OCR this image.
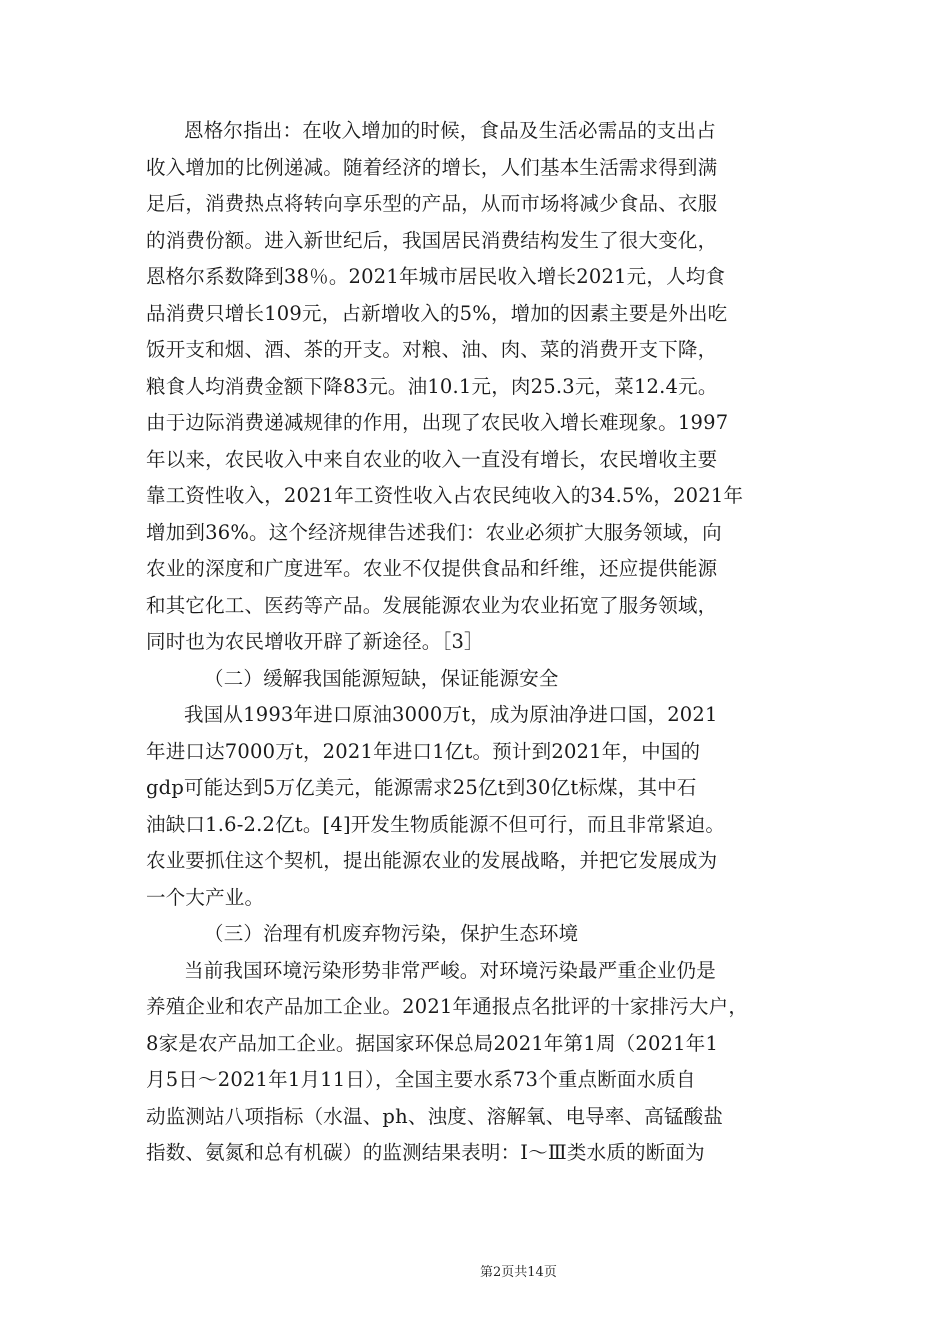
恩格尔指出：在收入增加的时候，食品及生活必需品的支出占
收入增加的比例递减。随着经济的增长，人们基本生活需求得到满
足后，消费热点将转向享乐型的产品，从而市场将减少食品、衣服
的消费份额。进入新世纪后，我国居民消费结构发生了很大变化，
恩格尔系数降到38％。2021年城市居民收入增长2021元，人均食
品消费只增长109元，占新增收入的5%，增加的因素主要是外出吃
饭开支和烟、酒、茶的开支。对粮、油、肉、菜的消费开支下降，
粮食人均消费金额下降83元。油10.1元，肉25.3元，菜12.4元。
由于边际消费递减规律的作用，出现了农民收入增长难现象。1997
年以来，农民收入中来自农业的收入一直没有增长，农民增收主要
靠工资性收入，2021年工资性收入占农民纯收入的34.5%，2021年
增加到36%。这个经济规律告述我们：农业必须扩大服务领域，向
农业的深度和广度进军。农业不仅提供食品和纤维，还应提供能源
和其它化工、医药等产品。发展能源农业为农业拓宽了服务领域，
同时也为农民增收开辟了新途径。［3］
（二）缓解我国能源短缺，保证能源安全
我国从1993年进口原油3000万t，成为原油净进口国，2021
年进口达7000万t，2021年进口1亿t。预计到2021年，中国的
gdp可能达到5万亿美元，能源需求25亿t到30亿t标煤，其中石
油缺口1.6-2.2亿t。[4]开发生物质能源不但可行，而且非常紧迫。
农业要抓住这个契机，提出能源农业的发展战略，并把它发展成为
一个大产业。
（三）治理有机废弃物污染，保护生态环境
当前我国环境污染形势非常严峻。对环境污染最严重企业仍是
养殖企业和农产品加工企业。2021年通报点名批评的十家排污大户，
8家是农产品加工企业。据国家环保总局2021年第1周（2021年1
月5日～2021年1月11日），全国主要水系73个重点断面水质自
动监测站八项指标（水温、ph、浊度、溶解氧、电导率、高锰酸盐
指数、氨氮和总有机碳）的监测结果表明：Ⅰ～Ⅲ类水质的断面为
第2页共14页
